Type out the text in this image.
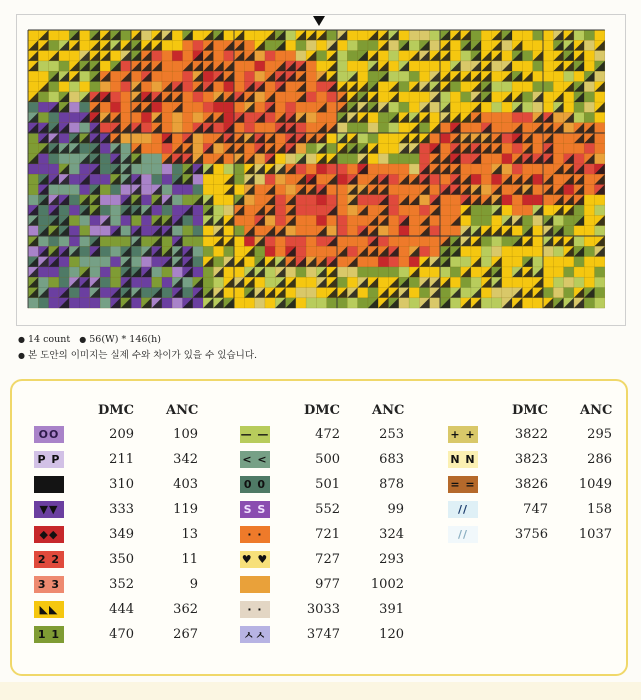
● 14 count ● 56(W) * 146(h)
● 본 도안의 이미지는 실제 수와 차이가 있을 수 있습니다.
DMC ANC
OO	209	109
P P	211	342
310	403
▼▼	333	119
◆◆	349	13
2 2	350	11
3 3	352	9
◣◣	444	362
1 1	470	267
DMC ANC
— —	472	253
< <	500	683
0 0	501	878
S S	552	99
· ·	721	324
♥ ♥	727	293
977	1002
· ·	3033	391
ㅅㅅ	3747	120
DMC ANC
+ +	3822	295
N N	3823	286
= =	3826	1049
//	747	158
//	3756	1037
